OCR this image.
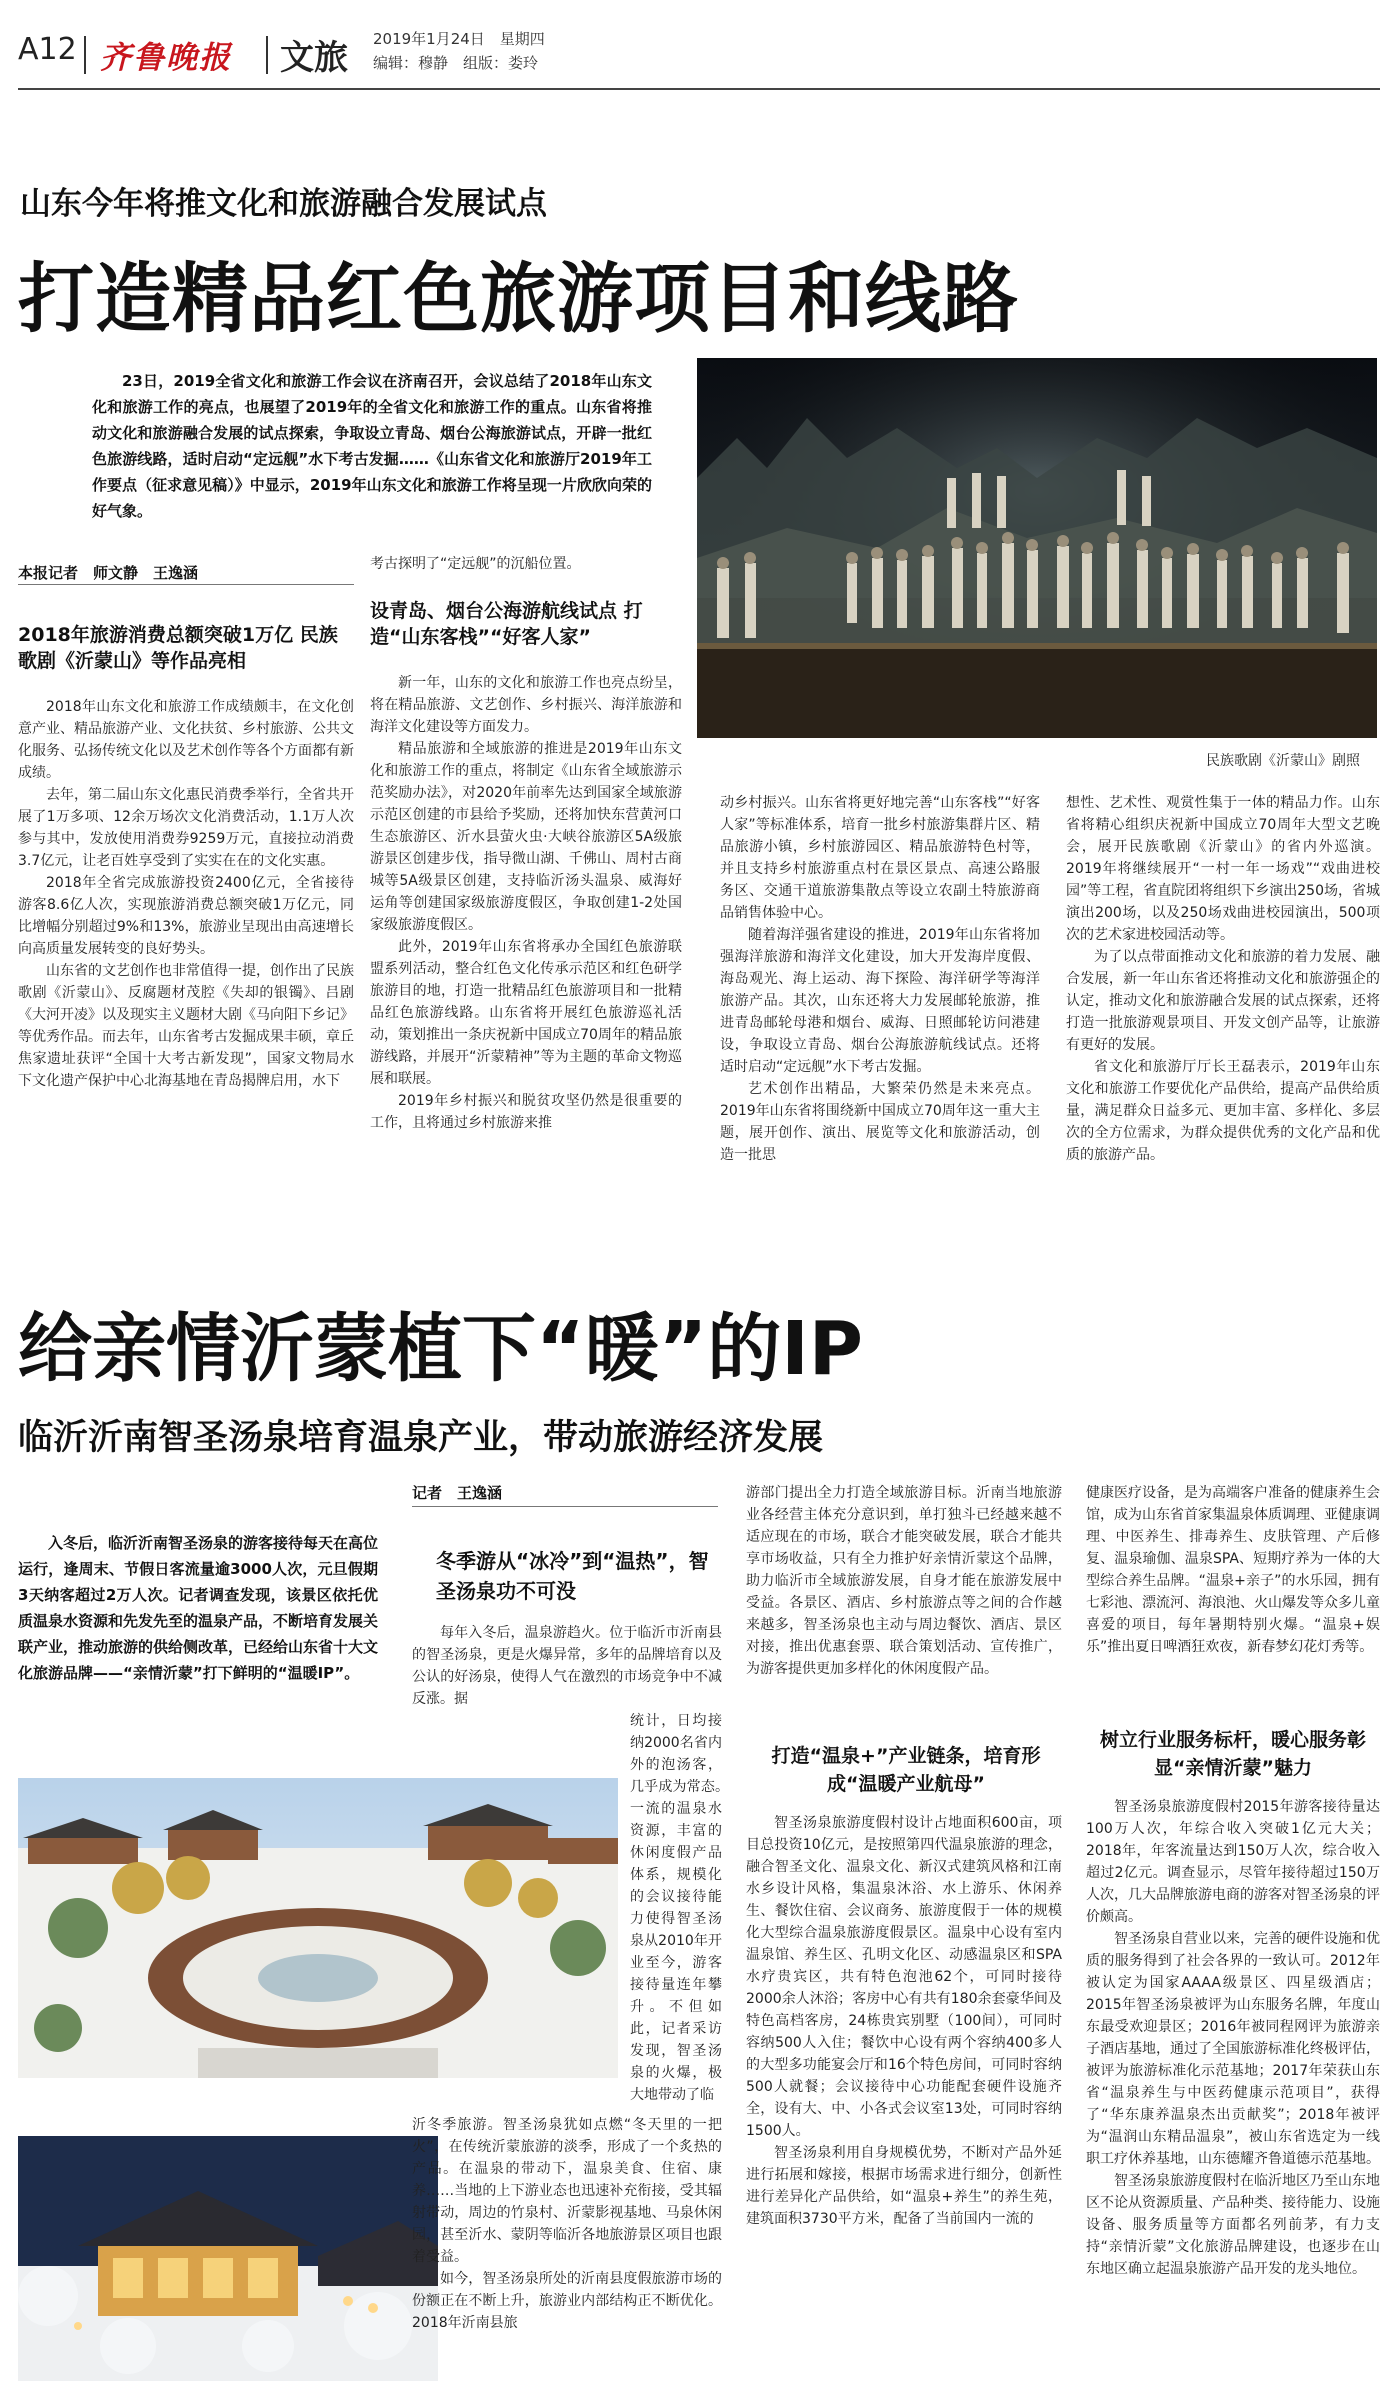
A12 齐鲁晚报 文旅 2019年1月24日　星期四
编辑：穆静　组版：娄玲
山东今年将推文化和旅游融合发展试点
打造精品红色旅游项目和线路

23日，2019全省文化和旅游工作会议在济南召开，会议总结了2018年山东文化和旅游工作的亮点，也展望了2019年的全省文化和旅游工作的重点。山东省将推动文化和旅游融合发展的试点探索，争取设立青岛、烟台公海旅游试点，开辟一批红色旅游线路，适时启动“定远舰”水下考古发掘……《山东省文化和旅游厅2019年工作要点（征求意见稿）》中显示，2019年山东文化和旅游工作将呈现一片欣欣向荣的好气象。

民族歌剧《沂蒙山》剧照
本报记者　师文静　王逸涵
2018年旅游消费总额突破1万亿 民族歌剧《沂蒙山》等作品亮相

2018年山东文化和旅游工作成绩颇丰，在文化创意产业、精品旅游产业、文化扶贫、乡村旅游、公共文化服务、弘扬传统文化以及艺术创作等各个方面都有新成绩。

去年，第二届山东文化惠民消费季举行，全省共开展了1万多项、12余万场次文化消费活动，1.1万人次参与其中，发放使用消费券9259万元，直接拉动消费3.7亿元，让老百姓享受到了实实在在的文化实惠。

2018年全省完成旅游投资2400亿元，全省接待游客8.6亿人次，实现旅游消费总额突破1万亿元，同比增幅分别超过9%和13%，旅游业呈现出由高速增长向高质量发展转变的良好势头。

山东省的文艺创作也非常值得一提，创作出了民族歌剧《沂蒙山》、反腐题材茂腔《失却的银镯》、吕剧《大河开凌》以及现实主义题材大剧《马向阳下乡记》等优秀作品。而去年，山东省考古发掘成果丰硕，章丘焦家遗址获评“全国十大考古新发现”，国家文物局水下文化遗产保护中心北海基地在青岛揭牌启用，水下

考古探明了“定远舰”的沉船位置。

设青岛、烟台公海游航线试点 打造“山东客栈”“好客人家”

新一年，山东的文化和旅游工作也亮点纷呈，将在精品旅游、文艺创作、乡村振兴、海洋旅游和海洋文化建设等方面发力。

精品旅游和全域旅游的推进是2019年山东文化和旅游工作的重点，将制定《山东省全域旅游示范奖励办法》，对2020年前率先达到国家全域旅游示范区创建的市县给予奖励，还将加快东营黄河口生态旅游区、沂水县萤火虫·大峡谷旅游区5A级旅游景区创建步伐，指导微山湖、千佛山、周村古商城等5A级景区创建，支持临沂汤头温泉、威海好运角等创建国家级旅游度假区，争取创建1-2处国家级旅游度假区。

此外，2019年山东省将承办全国红色旅游联盟系列活动，整合红色文化传承示范区和红色研学旅游目的地，打造一批精品红色旅游项目和一批精品红色旅游线路。山东省将开展红色旅游巡礼活动，策划推出一条庆祝新中国成立70周年的精品旅游线路，并展开“沂蒙精神”等为主题的革命文物巡展和联展。

2019年乡村振兴和脱贫攻坚仍然是很重要的工作，且将通过乡村旅游来推

动乡村振兴。山东省将更好地完善“山东客栈”“好客人家”等标准体系，培育一批乡村旅游集群片区、精品旅游小镇，乡村旅游园区、精品旅游特色村等，并且支持乡村旅游重点村在景区景点、高速公路服务区、交通干道旅游集散点等设立农副土特旅游商品销售体验中心。

随着海洋强省建设的推进，2019年山东省将加强海洋旅游和海洋文化建设，加大开发海岸度假、海岛观光、海上运动、海下探险、海洋研学等海洋旅游产品。其次，山东还将大力发展邮轮旅游，推进青岛邮轮母港和烟台、威海、日照邮轮访问港建设，争取设立青岛、烟台公海旅游航线试点。还将适时启动“定远舰”水下考古发掘。

艺术创作出精品，大繁荣仍然是未来亮点。2019年山东省将围绕新中国成立70周年这一重大主题，展开创作、演出、展览等文化和旅游活动，创造一批思

想性、艺术性、观赏性集于一体的精品力作。山东省将精心组织庆祝新中国成立70周年大型文艺晚会，展开民族歌剧《沂蒙山》的省内外巡演。2019年将继续展开“一村一年一场戏”“戏曲进校园”等工程，省直院团将组织下乡演出250场，省城演出200场，以及250场戏曲进校园演出，500项次的艺术家进校园活动等。

为了以点带面推动文化和旅游的着力发展、融合发展，新一年山东省还将推动文化和旅游强企的认定，推动文化和旅游融合发展的试点探索，还将打造一批旅游观景项目、开发文创产品等，让旅游有更好的发展。

省文化和旅游厅厅长王磊表示，2019年山东文化和旅游工作要优化产品供给，提高产品供给质量，满足群众日益多元、更加丰富、多样化、多层次的全方位需求，为群众提供优秀的文化产品和优质的旅游产品。

给亲情沂蒙植下“暖”的IP
临沂沂南智圣汤泉培育温泉产业，带动旅游经济发展

入冬后，临沂沂南智圣汤泉的游客接待每天在高位运行，逢周末、节假日客流量逾3000人次，元旦假期3天纳客超过2万人次。记者调查发现，该景区依托优质温泉水资源和先发先至的温泉产品，不断培育发展关联产业，推动旅游的供给侧改革，已经给山东省十大文化旅游品牌——“亲情沂蒙”打下鲜明的“温暖IP”。

记者　王逸涵
冬季游从“冰冷”到“温热”，智圣汤泉功不可没

每年入冬后，温泉游趋火。位于临沂市沂南县的智圣汤泉，更是火爆异常，多年的品牌培育以及公认的好汤泉，使得人气在激烈的市场竞争中不减反涨。据

统计，日均接纳2000名省内外的泡汤客，几乎成为常态。　一流的温泉水资源，丰富的休闲度假产品体系，规模化的会议接待能力使得智圣汤泉从2010年开业至今，游客接待量连年攀升。不但如此，记者采访发现，智圣汤泉的火爆，极大地带动了临

沂冬季旅游。智圣汤泉犹如点燃“冬天里的一把火”，在传统沂蒙旅游的淡季，形成了一个炙热的产品。在温泉的带动下，温泉美食、住宿、康养……当地的上下游业态也迅速补充衔接，受其辐射带动，周边的竹泉村、沂蒙影视基地、马泉休闲园，甚至沂水、蒙阴等临沂各地旅游景区项目也跟着受益。

如今，智圣汤泉所处的沂南县度假旅游市场的份额正在不断上升，旅游业内部结构正不断优化。2018年沂南县旅

游部门提出全力打造全域旅游目标。沂南当地旅游业各经营主体充分意识到，单打独斗已经越来越不适应现在的市场，联合才能突破发展，联合才能共享市场收益，只有全力推护好亲情沂蒙这个品牌，助力临沂市全域旅游发展，自身才能在旅游发展中受益。各景区、酒店、乡村旅游点等之间的合作越来越多，智圣汤泉也主动与周边餐饮、酒店、景区对接，推出优惠套票、联合策划活动、宣传推广，为游客提供更加多样化的休闲度假产品。

打造“温泉+”产业链条，培育形成“温暖产业航母”

智圣汤泉旅游度假村设计占地面积600亩，项目总投资10亿元，是按照第四代温泉旅游的理念，融合智圣文化、温泉文化、新汉式建筑风格和江南水乡设计风格，集温泉沐浴、水上游乐、休闲养生、餐饮住宿、会议商务、旅游度假于一体的规模化大型综合温泉旅游度假景区。温泉中心设有室内温泉馆、养生区、孔明文化区、动感温泉区和SPA水疗贵宾区，共有特色泡池62个，可同时接待2000余人沐浴；客房中心有共有180余套豪华间及特色高档客房，24栋贵宾别墅（100间），可同时容纳500人入住；餐饮中心设有两个容纳400多人的大型多功能宴会厅和16个特色房间，可同时容纳500人就餐；会议接待中心功能配套硬件设施齐全，设有大、中、小各式会议室13处，可同时容纳1500人。

智圣汤泉利用自身规模优势，不断对产品外延进行拓展和嫁接，根据市场需求进行细分，创新性进行差异化产品供给，如“温泉+养生”的养生苑，建筑面积3730平方米，配备了当前国内一流的

健康医疗设备，是为高端客户准备的健康养生会馆，成为山东省首家集温泉体质调理、亚健康调理、中医养生、排毒养生、皮肤管理、产后修复、温泉瑜伽、温泉SPA、短期疗养为一体的大型综合养生品牌。“温泉+亲子”的水乐园，拥有七彩池、漂流河、海浪池、火山爆发等众多儿童喜爱的项目，每年暑期特别火爆。“温泉+娱乐”推出夏日啤酒狂欢夜，新春梦幻花灯秀等。

树立行业服务标杆，暖心服务彰显“亲情沂蒙”魅力

智圣汤泉旅游度假村2015年游客接待量达100万人次，年综合收入突破1亿元大关；2018年，年客流量达到150万人次，综合收入超过2亿元。调查显示，尽管年接待超过150万人次，几大品牌旅游电商的游客对智圣汤泉的评价颇高。

智圣汤泉自营业以来，完善的硬件设施和优质的服务得到了社会各界的一致认可。2012年被认定为国家AAAA级景区、四星级酒店；2015年智圣汤泉被评为山东服务名牌，年度山东最受欢迎景区；2016年被同程网评为旅游亲子酒店基地，通过了全国旅游标准化终极评估，被评为旅游标准化示范基地；2017年荣获山东省“温泉养生与中医药健康示范项目”，获得了“华东康养温泉杰出贡献奖”；2018年被评为“温润山东精品温泉”，被山东省选定为一线职工疗休养基地，山东德耀齐鲁道德示范基地。

智圣汤泉旅游度假村在临沂地区乃至山东地区不论从资源质量、产品种类、接待能力、设施设备、服务质量等方面都名列前茅，有力支持“亲情沂蒙”文化旅游品牌建设，也逐步在山东地区确立起温泉旅游产品开发的龙头地位。
